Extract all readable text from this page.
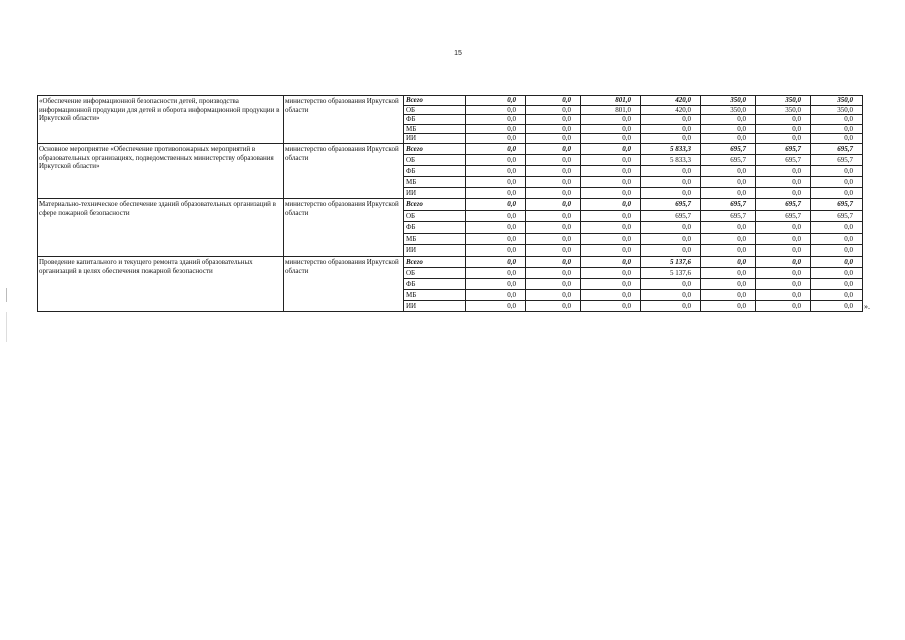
15
«Обеспечение информационной безопасности детей, производства информационной продукции для детей и оборота информационной продукции в Иркутской области»	министерство образования Иркутской области	Всего	0,0	0,0	801,0	420,0	350,0	350,0	350,0
		ОБ	0,0	0,0	801,0	420,0	350,0	350,0	350,0
		ФБ	0,0	0,0	0,0	0,0	0,0	0,0	0,0
		МБ	0,0	0,0	0,0	0,0	0,0	0,0	0,0
		ИИ	0,0	0,0	0,0	0,0	0,0	0,0	0,0
Основное мероприятие «Обеспечение противопожарных мероприятий в образовательных организациях, подведомственных министерству образования Иркутской области»	министерство образования Иркутской области	Всего	0,0	0,0	0,0	5 833,3	695,7	695,7	695,7
		ОБ	0,0	0,0	0,0	5 833,3	695,7	695,7	695,7
		ФБ	0,0	0,0	0,0	0,0	0,0	0,0	0,0
		МБ	0,0	0,0	0,0	0,0	0,0	0,0	0,0
		ИИ	0,0	0,0	0,0	0,0	0,0	0,0	0,0
Материально-техническое обеспечение зданий образовательных организаций в сфере пожарной безопасности	министерство образования Иркутской области	Всего	0,0	0,0	0,0	695,7	695,7	695,7	695,7
		ОБ	0,0	0,0	0,0	695,7	695,7	695,7	695,7
		ФБ	0,0	0,0	0,0	0,0	0,0	0,0	0,0
		МБ	0,0	0,0	0,0	0,0	0,0	0,0	0,0
		ИИ	0,0	0,0	0,0	0,0	0,0	0,0	0,0
Проведение капитального и текущего ремонта зданий образовательных организаций в целях обеспечения пожарной безопасности	министерство образования Иркутской области	Всего	0,0	0,0	0,0	5 137,6	0,0	0,0	0,0
		ОБ	0,0	0,0	0,0	5 137,6	0,0	0,0	0,0
		ФБ	0,0	0,0	0,0	0,0	0,0	0,0	0,0
		МБ	0,0	0,0	0,0	0,0	0,0	0,0	0,0
		ИИ	0,0	0,0	0,0	0,0	0,0	0,0	0,0 ».
